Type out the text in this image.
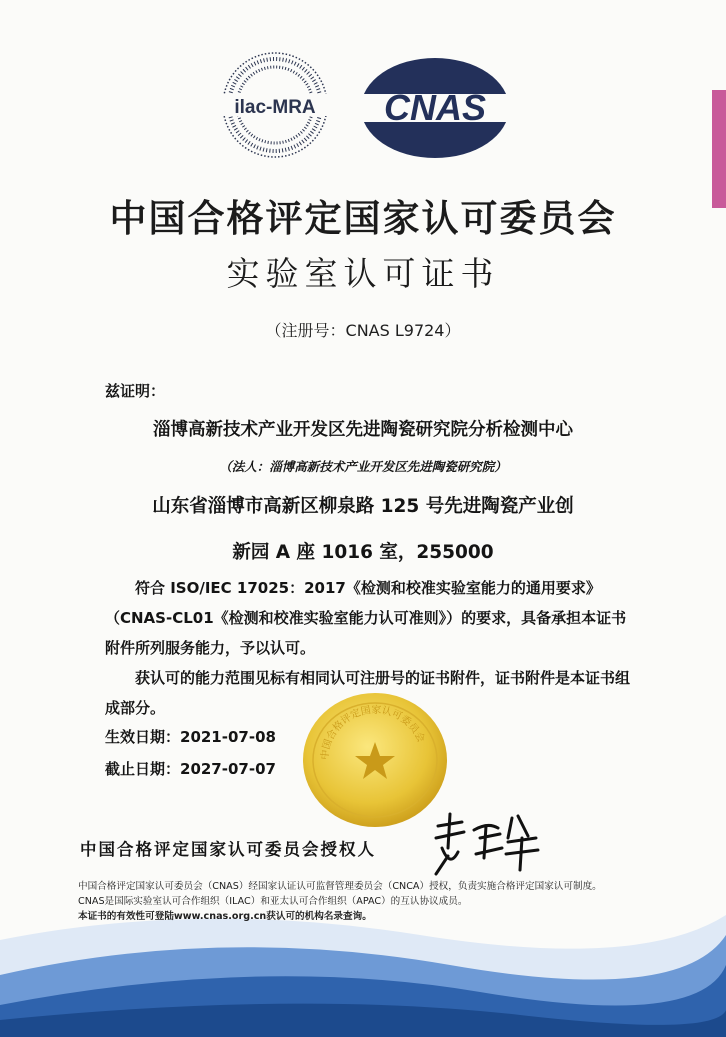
ilac-MRA CNAS
中国合格评定国家认可委员会
实验室认可证书
（注册号：CNAS L9724）
兹证明：
淄博高新技术产业开发区先进陶瓷研究院分析检测中心
（法人：淄博高新技术产业开发区先进陶瓷研究院）
山东省淄博市高新区柳泉路 125 号先进陶瓷产业创
新园 A 座 1016 室，255000
符合 ISO/IEC 17025：2017《检测和校准实验室能力的通用要求》（CNAS-CL01《检测和校准实验室能力认可准则》）的要求，具备承担本证书附件所列服务能力，予以认可。
获认可的能力范围见标有相同认可注册号的证书附件，证书附件是本证书组成部分。
生效日期：2021-07-08
截止日期：2027-07-07
中国合格评定国家认可委员会
中国合格评定国家认可委员会授权人
中国合格评定国家认可委员会（CNAS）经国家认证认可监督管理委员会（CNCA）授权，负责实施合格评定国家认可制度。
CNAS是国际实验室认可合作组织（ILAC）和亚太认可合作组织（APAC）的互认协议成员。
本证书的有效性可登陆www.cnas.org.cn获认可的机构名录查询。
